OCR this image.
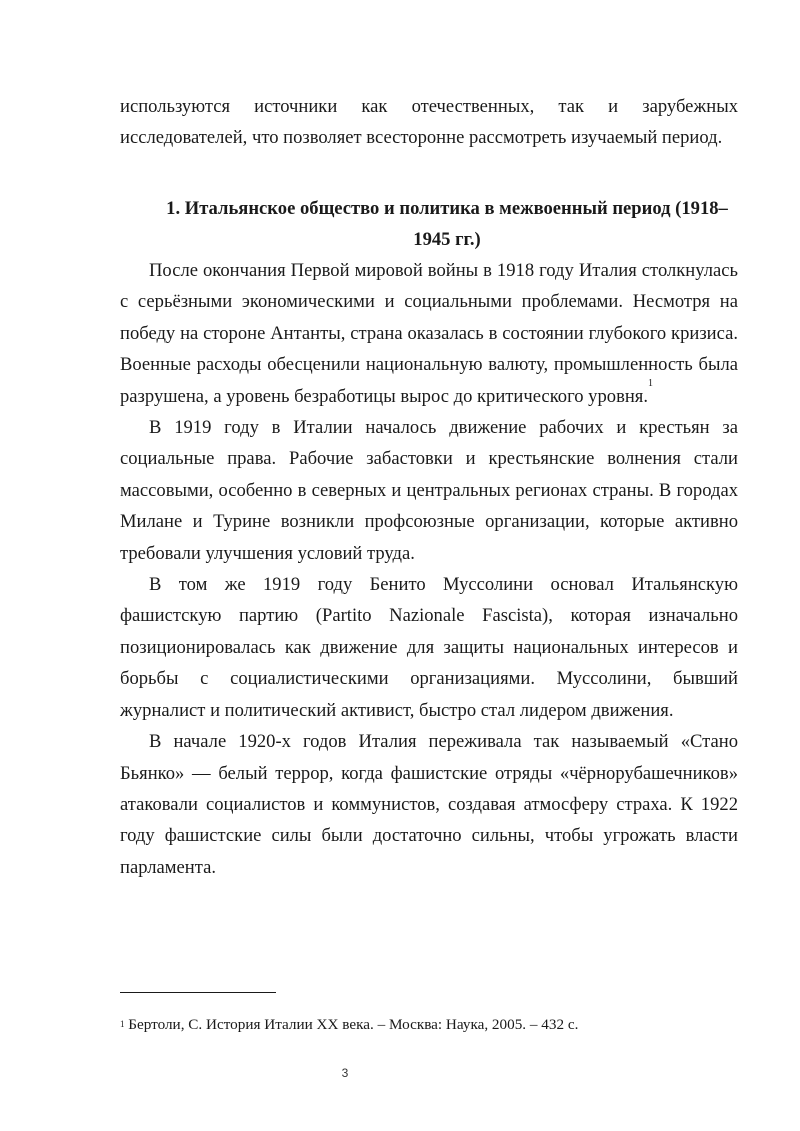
используются источники как отечественных, так и зарубежных исследователей, что позволяет всесторонне рассмотреть изучаемый период.

1. Итальянское общество и политика в межвоенный период (1918–1945 гг.)

После окончания Первой мировой войны в 1918 году Италия столкнулась с серьёзными экономическими и социальными проблемами. Несмотря на победу на стороне Антанты, страна оказалась в состоянии глубокого кризиса. Военные расходы обесценили национальную валюту, промышленность была разрушена, а уровень безработицы вырос до критического уровня.$^1$

В 1919 году в Италии началось движение рабочих и крестьян за социальные права. Рабочие забастовки и крестьянские волнения стали массовыми, особенно в северных и центральных регионах страны. В городах Милане и Турине возникли профсоюзные организации, которые активно требовали улучшения условий труда.

В том же 1919 году Бенито Муссолини основал Итальянскую фашистскую партию (Partito Nazionale Fascista), которая изначально позиционировалась как движение для защиты национальных интересов и борьбы с социалистическими организациями. Муссолини, бывший журналист и политический активист, быстро стал лидером движения.

В начале 1920-х годов Италия переживала так называемый «Стано Бьянко» — белый террор, когда фашистские отряды «чёрнорубашечников» атаковали социалистов и коммунистов, создавая атмосферу страха. К 1922 году фашистские силы были достаточно сильны, чтобы угрожать власти парламента.

$^1$ Бертоли, С. История Италии XX века. – Москва: Наука, 2005. – 432 с.
3
